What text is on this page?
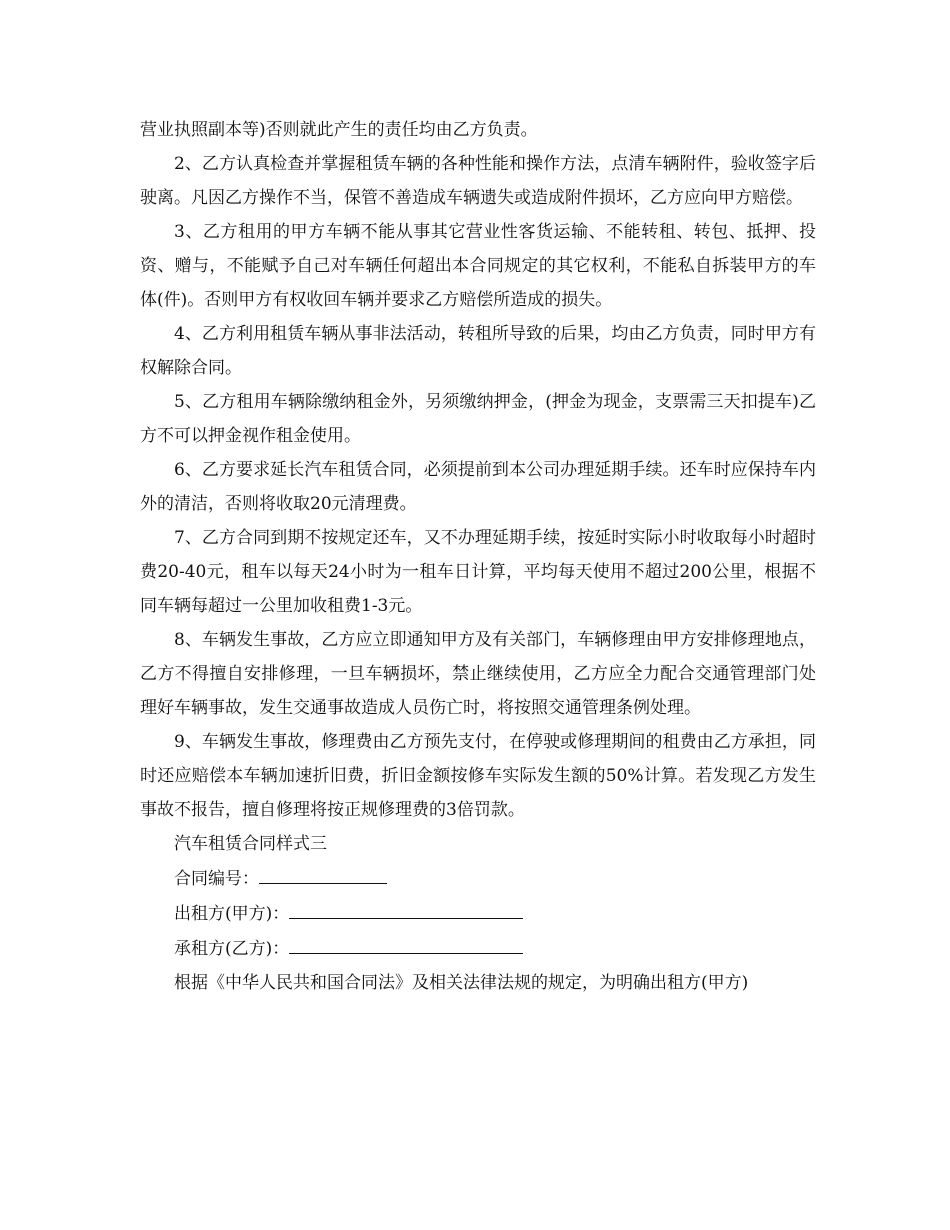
营业执照副本等)否则就此产生的责任均由乙方负责。

2、乙方认真检查并掌握租赁车辆的各种性能和操作方法，点清车辆附件，验收签字后驶离。凡因乙方操作不当，保管不善造成车辆遗失或造成附件损坏，乙方应向甲方赔偿。

3、乙方租用的甲方车辆不能从事其它营业性客货运输、不能转租、转包、抵押、投资、赠与，不能赋予自己对车辆任何超出本合同规定的其它权利，不能私自拆装甲方的车体(件)。否则甲方有权收回车辆并要求乙方赔偿所造成的损失。

4、乙方利用租赁车辆从事非法活动，转租所导致的后果，均由乙方负责，同时甲方有权解除合同。

5、乙方租用车辆除缴纳租金外，另须缴纳押金，(押金为现金，支票需三天扣提车)乙方不可以押金视作租金使用。

6、乙方要求延长汽车租赁合同，必须提前到本公司办理延期手续。还车时应保持车内外的清洁，否则将收取20元清理费。

7、乙方合同到期不按规定还车，又不办理延期手续，按延时实际小时收取每小时超时费20-40元，租车以每天24小时为一租车日计算，平均每天使用不超过200公里，根据不同车辆每超过一公里加收租费1-3元。

8、车辆发生事故，乙方应立即通知甲方及有关部门，车辆修理由甲方安排修理地点，乙方不得擅自安排修理，一旦车辆损坏，禁止继续使用，乙方应全力配合交通管理部门处理好车辆事故，发生交通事故造成人员伤亡时，将按照交通管理条例处理。

9、车辆发生事故，修理费由乙方预先支付，在停驶或修理期间的租费由乙方承担，同时还应赔偿本车辆加速折旧费，折旧金额按修车实际发生额的50%计算。若发现乙方发生事故不报告，擅自修理将按正规修理费的3倍罚款。

汽车租赁合同样式三

合同编号：

出租方(甲方)：

承租方(乙方)：

根据《中华人民共和国合同法》及相关法律法规的规定，为明确出租方(甲方)
